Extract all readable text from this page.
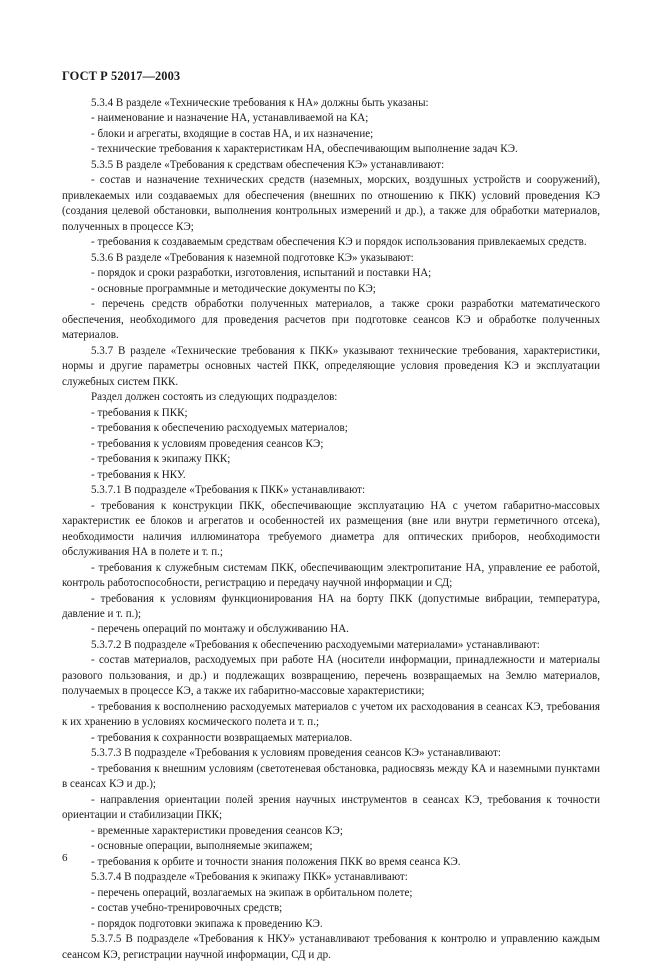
ГОСТ Р 52017—2003

5.3.4 В разделе «Технические требования к НА» должны быть указаны:

- наименование и назначение НА, устанавливаемой на КА;

- блоки и агрегаты, входящие в состав НА, и их назначение;

- технические требования к характеристикам НА, обеспечивающим выполнение задач КЭ.

5.3.5 В разделе «Требования к средствам обеспечения КЭ» устанавливают:

- состав и назначение технических средств (наземных, морских, воздушных устройств и сооружений), привлекаемых или создаваемых для обеспечения (внешних по отношению к ПКК) условий проведения КЭ (создания целевой обстановки, выполнения контрольных измерений и др.), а также для обработки материалов, полученных в процессе КЭ;

- требования к создаваемым средствам обеспечения КЭ и порядок использования привлекаемых средств.

5.3.6 В разделе «Требования к наземной подготовке КЭ» указывают:

- порядок и сроки разработки, изготовления, испытаний и поставки НА;

- основные программные и методические документы по КЭ;

- перечень средств обработки полученных материалов, а также сроки разработки математического обеспечения, необходимого для проведения расчетов при подготовке сеансов КЭ и обработке полученных материалов.

5.3.7 В разделе «Технические требования к ПКК» указывают технические требования, характеристики, нормы и другие параметры основных частей ПКК, определяющие условия проведения КЭ и эксплуатации служебных систем ПКК.

Раздел должен состоять из следующих подразделов:

- требования к ПКК;

- требования к обеспечению расходуемых материалов;

- требования к условиям проведения сеансов КЭ;

- требования к экипажу ПКК;

- требования к НКУ.

5.3.7.1 В подразделе «Требования к ПКК» устанавливают:

- требования к конструкции ПКК, обеспечивающие эксплуатацию НА с учетом габаритно-массовых характеристик ее блоков и агрегатов и особенностей их размещения (вне или внутри герметичного отсека), необходимости наличия иллюминатора требуемого диаметра для оптических приборов, необходимости обслуживания НА в полете и т. п.;

- требования к служебным системам ПКК, обеспечивающим электропитание НА, управление ее работой, контроль работоспособности, регистрацию и передачу научной информации и СД;

- требования к условиям функционирования НА на борту ПКК (допустимые вибрации, температура, давление и т. п.);

- перечень операций по монтажу и обслуживанию НА.

5.3.7.2 В подразделе «Требования к обеспечению расходуемыми материалами» устанавливают:

- состав материалов, расходуемых при работе НА (носители информации, принадлежности и материалы разового пользования, и др.) и подлежащих возвращению, перечень возвращаемых на Землю материалов, получаемых в процессе КЭ, а также их габаритно-массовые характеристики;

- требования к восполнению расходуемых материалов с учетом их расходования в сеансах КЭ, требования к их хранению в условиях космического полета и т. п.;

- требования к сохранности возвращаемых материалов.

5.3.7.3 В подразделе «Требования к условиям проведения сеансов КЭ» устанавливают:

- требования к внешним условиям (светотеневая обстановка, радиосвязь между КА и наземными пунктами в сеансах КЭ и др.);

- направления ориентации полей зрения научных инструментов в сеансах КЭ, требования к точности ориентации и стабилизации ПКК;

- временные характеристики проведения сеансов КЭ;

- основные операции, выполняемые экипажем;

- требования к орбите и точности знания положения ПКК во время сеанса КЭ.

5.3.7.4 В подразделе «Требования к экипажу ПКК» устанавливают:

- перечень операций, возлагаемых на экипаж в орбитальном полете;

- состав учебно-тренировочных средств;

- порядок подготовки экипажа к проведению КЭ.

5.3.7.5 В подразделе «Требования к НКУ» устанавливают требования к контролю и управлению каждым сеансом КЭ, регистрации научной информации, СД и др.

6
